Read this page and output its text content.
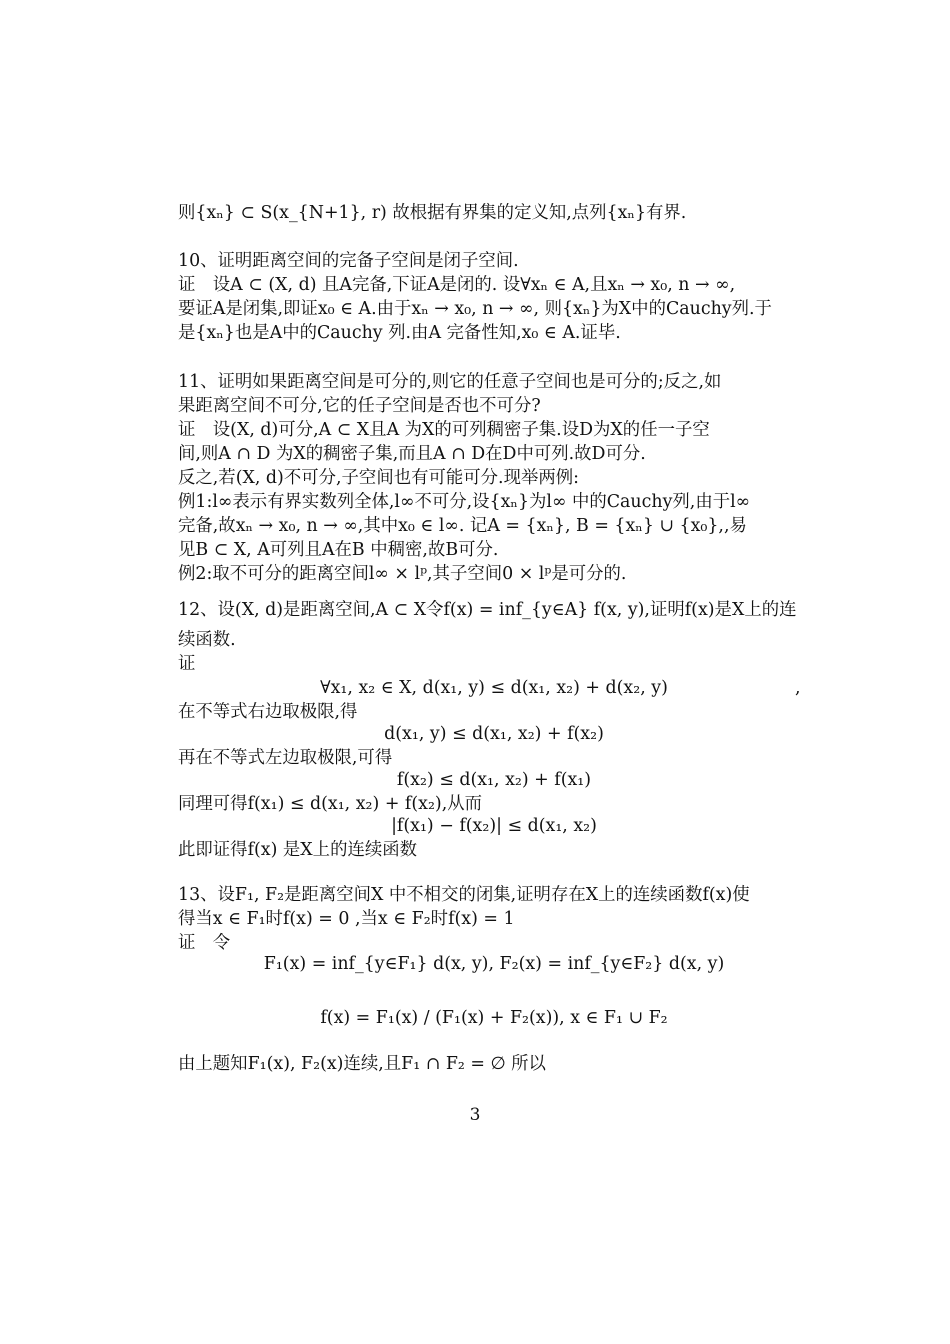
则{xₙ} ⊂ S(x_{N+1}, r) 故根据有界集的定义知,点列{xₙ}有界.
10、证明距离空间的完备子空间是闭子空间.
证　设A ⊂ (X, d) 且A完备,下证A是闭的. 设∀xₙ ∈ A,且xₙ → x₀, n → ∞,
要证A是闭集,即证x₀ ∈ A.由于xₙ → x₀, n → ∞, 则{xₙ}为X中的Cauchy列.于
是{xₙ}也是A中的Cauchy 列.由A 完备性知,x₀ ∈ A.证毕.
11、证明如果距离空间是可分的,则它的任意子空间也是可分的;反之,如
果距离空间不可分,它的任子空间是否也不可分?
证　设(X, d)可分,A ⊂ X且A 为X的可列稠密子集.设D为X的任一子空
间,则A ∩ D 为X的稠密子集,而且A ∩ D在D中可列.故D可分.
反之,若(X, d)不可分,子空间也有可能可分.现举两例:
例1:l∞表示有界实数列全体,l∞不可分,设{xₙ}为l∞ 中的Cauchy列,由于l∞
完备,故xₙ → x₀, n → ∞,其中x₀ ∈ l∞. 记A = {xₙ}, B = {xₙ} ∪ {x₀},,易
见B ⊂ X, A可列且A在B 中稠密,故B可分.
例2:取不可分的距离空间l∞ × lᵖ,其子空间0 × lᵖ是可分的.
12、设(X, d)是距离空间,A ⊂ X令f(x) = inf_{y∈A} f(x, y),证明f(x)是X上的连
续函数.
证
∀x₁, x₂ ∈ X, d(x₁, y) ≤ d(x₁, x₂) + d(x₂, y)	,
在不等式右边取极限,得
d(x₁, y) ≤ d(x₁, x₂) + f(x₂)
再在不等式左边取极限,可得
f(x₂) ≤ d(x₁, x₂) + f(x₁)
同理可得f(x₁) ≤ d(x₁, x₂) + f(x₂),从而
|f(x₁) − f(x₂)| ≤ d(x₁, x₂)
此即证得f(x) 是X上的连续函数
13、设F₁, F₂是距离空间X 中不相交的闭集,证明存在X上的连续函数f(x)使
得当x ∈ F₁时f(x) = 0 ,当x ∈ F₂时f(x) = 1
证　令
F₁(x) = inf_{y∈F₁} d(x, y), F₂(x) = inf_{y∈F₂} d(x, y)
f(x) = F₁(x) / (F₁(x) + F₂(x)), x ∈ F₁ ∪ F₂
由上题知F₁(x), F₂(x)连续,且F₁ ∩ F₂ = ∅ 所以
3
